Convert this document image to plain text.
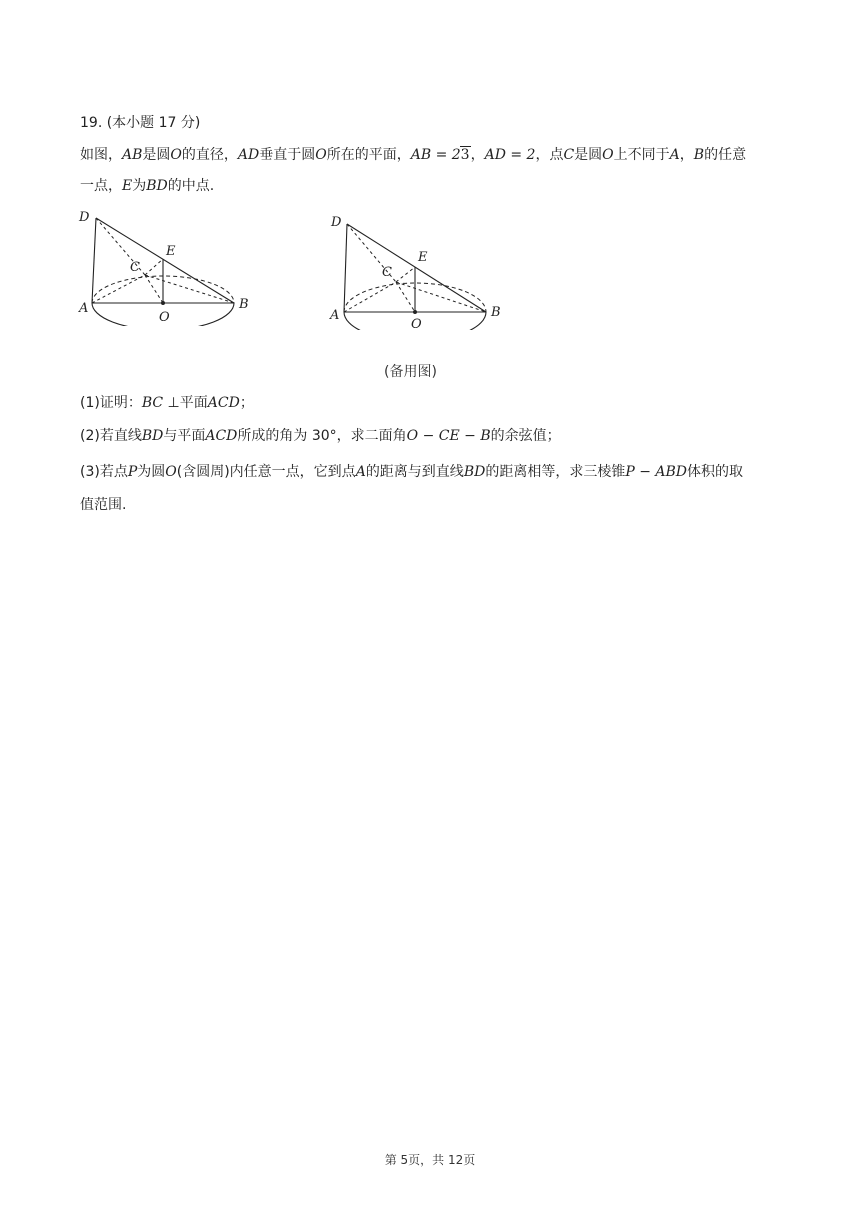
19. (本小题 17 分)
如图，AB是圆O的直径，AD垂直于圆O所在的平面，AB = 23，AD = 2，点C是圆O上不同于A，B的任意
一点，E为BD的中点.
D
E
C
A
O
B
D
E
C
A
O
B
(备用图)
(1)证明：BC ⊥平面ACD；
(2)若直线BD与平面ACD所成的角为 30°，求二面角O − CE − B的余弦值；
(3)若点P为圆O(含圆周)内任意一点，它到点A的距离与到直线BD的距离相等，求三棱锥P − ABD体积的取
值范围.
第 5页，共 12页
